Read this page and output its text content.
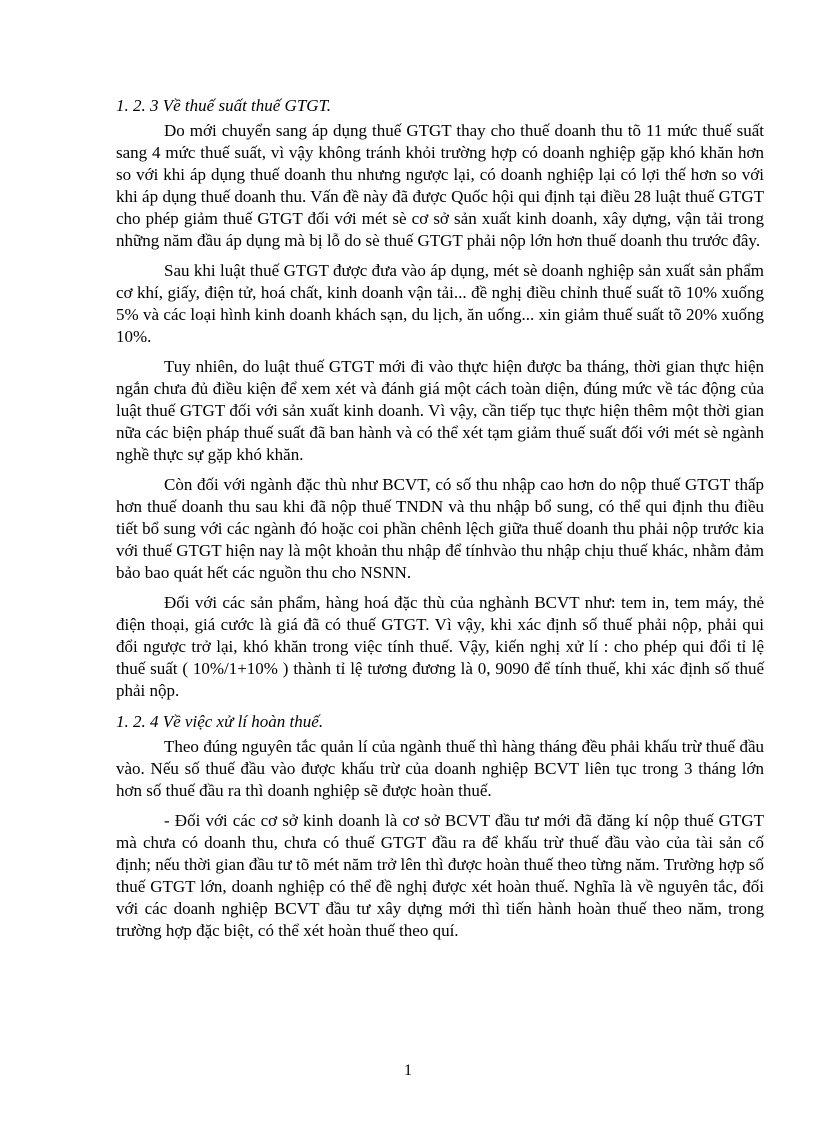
1. 2. 3 Về thuế suất thuế GTGT.

Do mới chuyển sang áp dụng thuế GTGT thay cho thuế doanh thu tõ 11 mức thuế suất sang 4 mức thuế suất, vì vậy không tránh khỏi trường hợp có doanh nghiệp gặp khó khăn hơn so với khi áp dụng thuế doanh thu nhưng ngược lại, có doanh nghiệp lại có lợi thế hơn so với khi áp dụng thuế doanh thu. Vấn đề này đã được Quốc hội qui định tại điều 28 luật thuế GTGT cho phép giảm thuế GTGT đối với mét sè cơ sở sản xuất kinh doanh, xây dựng, vận tải trong những năm đầu áp dụng mà bị lỗ do sè thuế GTGT phải nộp lớn hơn thuế doanh thu trước đây.

Sau khi luật thuế GTGT được đưa vào áp dụng, mét sè doanh nghiệp sản xuất sản phẩm cơ khí, giấy, điện tử, hoá chất, kinh doanh vận tải... đề nghị điều chỉnh thuế suất tõ 10% xuống 5% và các loại hình kinh doanh khách sạn, du lịch, ăn uống... xin giảm thuế suất tõ 20% xuống 10%.

Tuy nhiên, do luật thuế GTGT mới đi vào thực hiện được ba tháng, thời gian thực hiện ngắn chưa đủ điều kiện để xem xét và đánh giá một cách toàn diện, đúng mức về tác động của luật thuế GTGT đối với sản xuất kinh doanh. Vì vậy, cần tiếp tục thực hiện thêm một thời gian nữa các biện pháp thuế suất đã ban hành và có thể xét tạm giảm thuế suất đối với mét sè ngành nghề thực sự gặp khó khăn.

Còn đối với ngành đặc thù như BCVT, có số thu nhập cao hơn do nộp thuế GTGT thấp hơn thuế doanh thu sau khi đã nộp thuế TNDN và thu nhập bổ sung, có thể qui định thu điều tiết bổ sung với các ngành đó hoặc coi phần chênh lệch giữa thuế doanh thu phải nộp trước kia với thuế GTGT hiện nay là một khoản thu nhập để tínhvào thu nhập chịu thuế khác, nhằm đảm bảo bao quát hết các nguồn thu cho NSNN.

Đối với các sản phẩm, hàng hoá đặc thù của nghành BCVT như: tem in, tem máy, thẻ điện thoại, giá cước là giá đã có thuế GTGT. Vì vậy, khi xác định số thuế phải nộp, phải qui đổi ngược trở lại, khó khăn trong việc tính thuế. Vậy, kiến nghị xử lí : cho phép qui đổi tỉ lệ thuế suất ( 10%/1+10% ) thành tỉ lệ tương đương là 0, 9090 để tính thuế, khi xác định số thuế phải nộp.

1. 2. 4 Về việc xử lí hoàn thuế.

Theo đúng nguyên tắc quản lí của ngành thuế thì hàng tháng đều phải khấu trừ thuế đầu vào. Nếu số thuế đầu vào được khấu trừ của doanh nghiệp BCVT liên tục trong 3 tháng lớn hơn số thuế đầu ra thì doanh nghiệp sẽ được hoàn thuế.

- Đối với các cơ sở kinh doanh là cơ sở BCVT đầu tư mới đã đăng kí nộp thuế GTGT mà chưa có doanh thu, chưa có thuế GTGT đầu ra để khấu trừ thuế đầu vào của tài sản cố định; nếu thời gian đầu tư tõ mét năm trở lên thì được hoàn thuế theo từng năm. Trường hợp số thuế GTGT lớn, doanh nghiệp có thể đề nghị được xét hoàn thuế. Nghĩa là về nguyên tắc, đối với các doanh nghiệp BCVT đầu tư xây dựng mới thì tiến hành hoàn thuế theo năm, trong trường hợp đặc biệt, có thể xét hoàn thuế theo quí.

1
